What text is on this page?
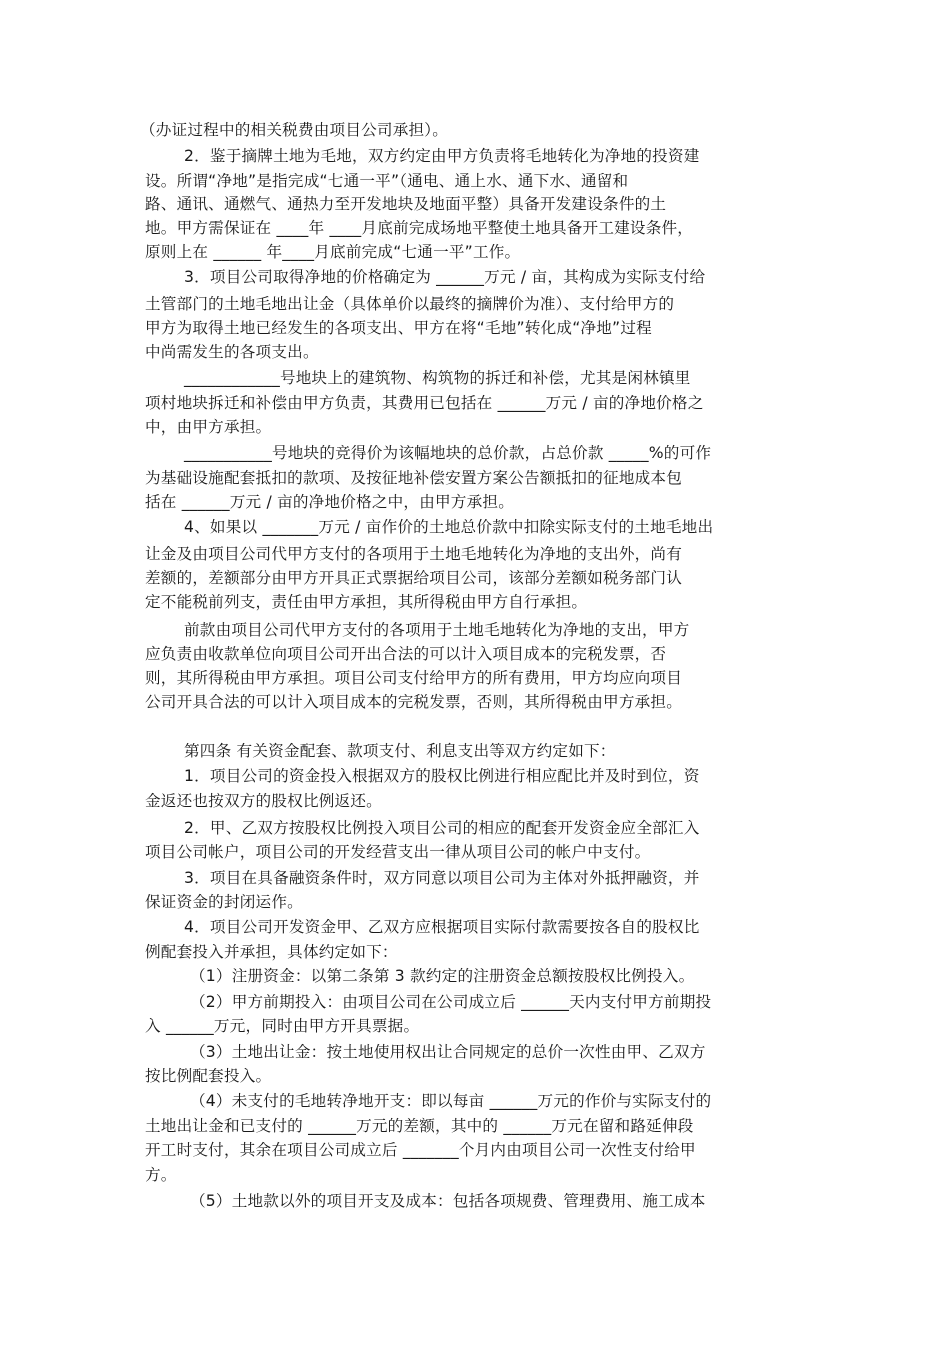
（办证过程中的相关税费由项目公司承担）。
2．鉴于摘牌土地为毛地，双方约定由甲方负责将毛地转化为净地的投资建
设。所谓“净地”是指完成“七通一平”（通电、通上水、通下水、通留和
路、通讯、通燃气、通热力至开发地块及地面平整）具备开发建设条件的土
地。甲方需保证在 ____年 ____月底前完成场地平整使土地具备开工建设条件，
原则上在 ______ 年____月底前完成“七通一平”工作。
3．项目公司取得净地的价格确定为 ______万元 / 亩，其构成为实际支付给
土管部门的土地毛地出让金（具体单价以最终的摘牌价为准）、支付给甲方的
甲方为取得土地已经发生的各项支出、甲方在将“毛地”转化成“净地”过程
中尚需发生的各项支出。
____________号地块上的建筑物、构筑物的拆迁和补偿，尤其是闲林镇里
项村地块拆迁和补偿由甲方负责，其费用已包括在 ______万元 / 亩的净地价格之
中，由甲方承担。
___________号地块的竞得价为该幅地块的总价款，占总价款 _____%的可作
为基础设施配套抵扣的款项、及按征地补偿安置方案公告额抵扣的征地成本包
括在 ______万元 / 亩的净地价格之中，由甲方承担。
4、如果以 _______万元 / 亩作价的土地总价款中扣除实际支付的土地毛地出
让金及由项目公司代甲方支付的各项用于土地毛地转化为净地的支出外，尚有
差额的，差额部分由甲方开具正式票据给项目公司，该部分差额如税务部门认
定不能税前列支，责任由甲方承担，其所得税由甲方自行承担。
前款由项目公司代甲方支付的各项用于土地毛地转化为净地的支出，甲方
应负责由收款单位向项目公司开出合法的可以计入项目成本的完税发票，否
则，其所得税由甲方承担。项目公司支付给甲方的所有费用，甲方均应向项目
公司开具合法的可以计入项目成本的完税发票，否则，其所得税由甲方承担。
第四条 有关资金配套、款项支付、利息支出等双方约定如下：
1．项目公司的资金投入根据双方的股权比例进行相应配比并及时到位，资
金返还也按双方的股权比例返还。
2．甲、乙双方按股权比例投入项目公司的相应的配套开发资金应全部汇入
项目公司帐户，项目公司的开发经营支出一律从项目公司的帐户中支付。
3．项目在具备融资条件时，双方同意以项目公司为主体对外抵押融资，并
保证资金的封闭运作。
4．项目公司开发资金甲、乙双方应根据项目实际付款需要按各自的股权比
例配套投入并承担，具体约定如下：
（1）注册资金：以第二条第 3 款约定的注册资金总额按股权比例投入。
（2）甲方前期投入：由项目公司在公司成立后 ______天内支付甲方前期投
入 ______万元，同时由甲方开具票据。
（3）土地出让金：按土地使用权出让合同规定的总价一次性由甲、乙双方
按比例配套投入。
（4）未支付的毛地转净地开支：即以每亩 ______万元的作价与实际支付的
土地出让金和已支付的 ______万元的差额，其中的 ______万元在留和路延伸段
开工时支付，其余在项目公司成立后 _______个月内由项目公司一次性支付给甲
方。
（5）土地款以外的项目开支及成本：包括各项规费、管理费用、施工成本
